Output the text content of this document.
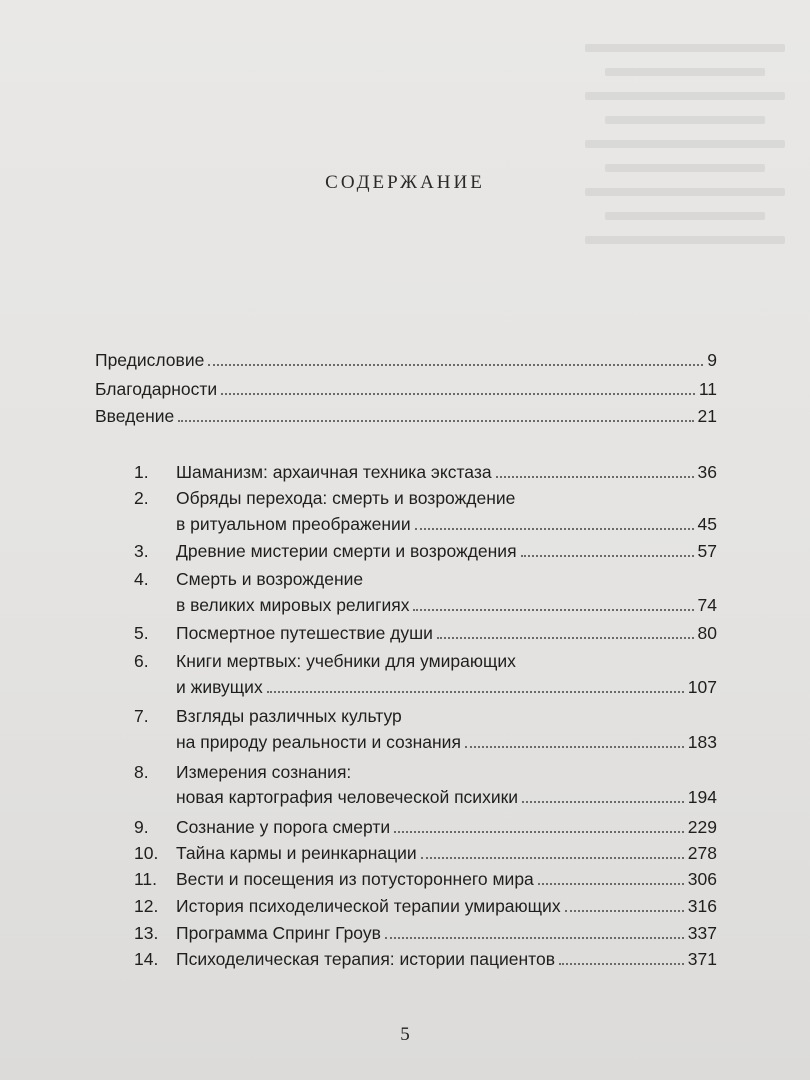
СОДЕРЖАНИЕ
Предисловие	9
Благодарности	11
Введение	21
1.	Шаманизм: архаичная техника экстаза	36
2.	Обряды перехода: смерть и возрождение
в ритуальном преображении	45
3.	Древние мистерии смерти и возрождения	57
4.	Смерть и возрождение
в великих мировых религиях	74
5.	Посмертное путешествие души	80
6.	Книги мертвых: учебники для умирающих
и живущих	107
7.	Взгляды различных культур
на природу реальности и сознания	183
8.	Измерения сознания:
новая картография человеческой психики	194
9.	Сознание у порога смерти	229
10.	Тайна кармы и реинкарнации	278
11.	Вести и посещения из потустороннего мира	306
12.	История психоделической терапии умирающих	316
13.	Программа Спринг Гроув	337
14.	Психоделическая терапия: истории пациентов	371
5
